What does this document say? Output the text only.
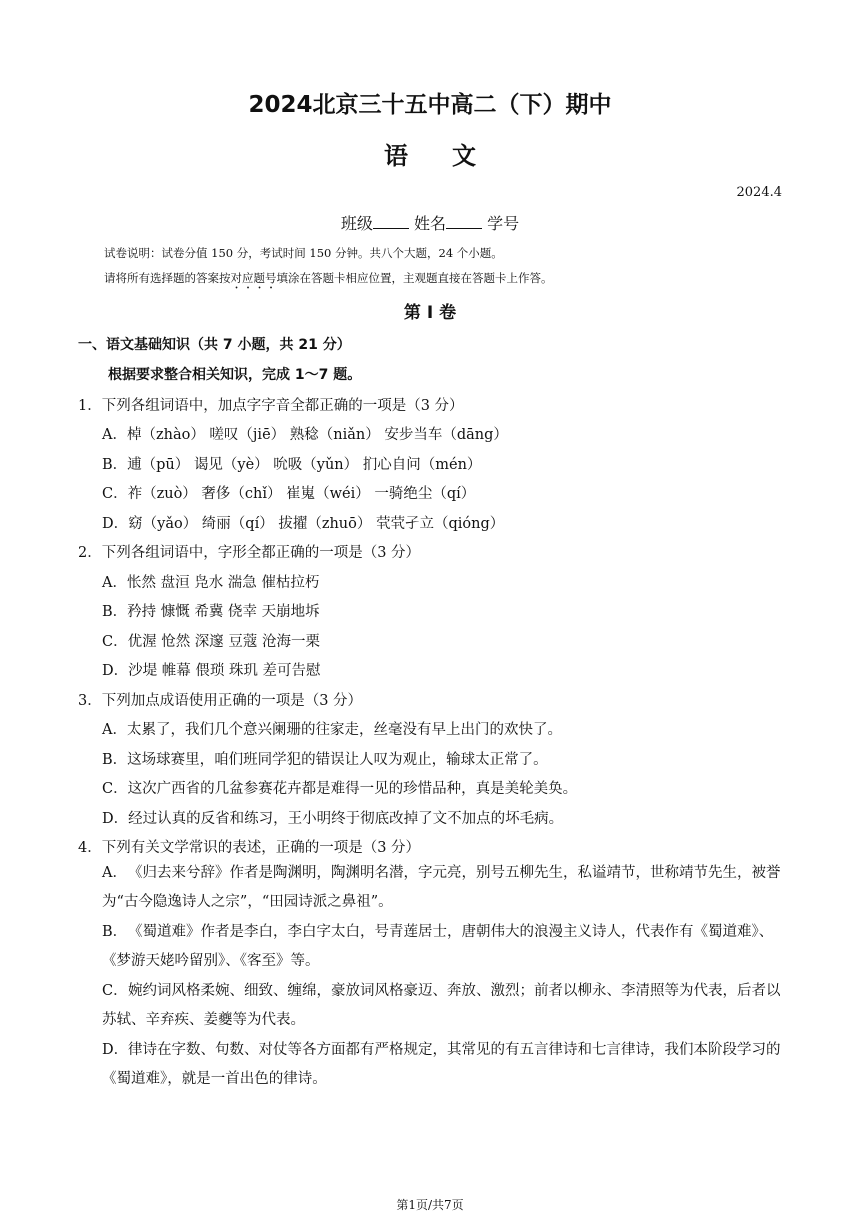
2024北京三十五中高二（下）期中
语文
2024.4
班级	姓名	学号
试卷说明：试卷分值 150 分，考试时间 150 分钟。共八个大题，24 个小题。
请将所有选择题的答案按对应题号填涂在答题卡相应位置，主观题直接在答题卡上作答。
第 I 卷
一、语文基础知识（共 7 小题，共 21 分）
根据要求整合相关知识，完成 1～7 题。
1．下列各组词语中，加点字字音全都正确的一项是（3 分）
A．棹（zhào） 嗟叹（jiē） 熟稔（niǎn） 安步当车（dāng）
B．逋（pū） 谒见（yè） 吮吸（yǔn） 扪心自问（mén）
C．祚（zuò） 奢侈（chǐ） 崔嵬（wéi） 一骑绝尘（qí）
D．窈（yǎo） 绮丽（qí） 拔擢（zhuō） 茕茕孑立（qióng）
2．下列各组词语中，字形全都正确的一项是（3 分）
A．怅然 盘洹 凫水 湍急 催枯拉朽
B．矜持 慷慨 希冀 侥幸 天崩地坼
C．优渥 怆然 深邃 豆蔻 沧海一栗
D．沙堤 帷幕 偎琐 珠玑 差可告慰
3．下列加点成语使用正确的一项是（3 分）
A．太累了，我们几个意兴阑珊的往家走，丝毫没有早上出门的欢快了。
B．这场球赛里，咱们班同学犯的错误让人叹为观止，输球太正常了。
C．这次广西省的几盆参赛花卉都是难得一见的珍惜品种，真是美轮美奂。
D．经过认真的反省和练习，王小明终于彻底改掉了文不加点的坏毛病。
4．下列有关文学常识的表述，正确的一项是（3 分）
A．《归去来兮辞》作者是陶渊明，陶渊明名潜，字元亮，别号五柳先生，私谥靖节，世称靖节先生，被誉为“古今隐逸诗人之宗”，“田园诗派之鼻祖”。
B．《蜀道难》作者是李白，李白字太白，号青莲居士，唐朝伟大的浪漫主义诗人，代表作有《蜀道难》、《梦游天姥吟留别》、《客至》等。
C．婉约词风格柔婉、细致、缠绵，豪放词风格豪迈、奔放、激烈；前者以柳永、李清照等为代表，后者以苏轼、辛弃疾、姜夔等为代表。
D．律诗在字数、句数、对仗等各方面都有严格规定，其常见的有五言律诗和七言律诗，我们本阶段学习的《蜀道难》，就是一首出色的律诗。
第1页/共7页
